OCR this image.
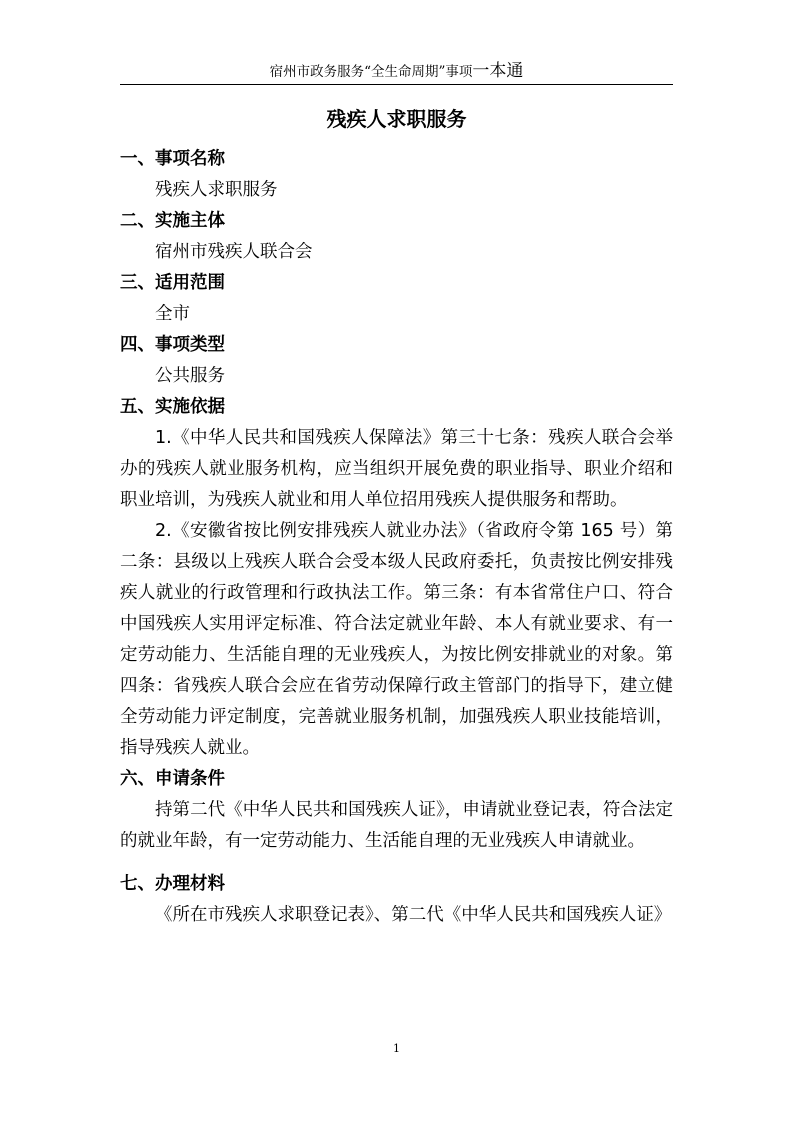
宿州市政务服务“全生命周期”事项一本通
残疾人求职服务
一、事项名称
残疾人求职服务
二、实施主体
宿州市残疾人联合会
三、适用范围
全市
四、事项类型
公共服务
五、实施依据
1.《中华人民共和国残疾人保障法》第三十七条：残疾人联合会举办的残疾人就业服务机构，应当组织开展免费的职业指导、职业介绍和职业培训，为残疾人就业和用人单位招用残疾人提供服务和帮助。
2.《安徽省按比例安排残疾人就业办法》（省政府令第 165 号）第二条：县级以上残疾人联合会受本级人民政府委托，负责按比例安排残疾人就业的行政管理和行政执法工作。第三条：有本省常住户口、符合中国残疾人实用评定标准、符合法定就业年龄、本人有就业要求、有一定劳动能力、生活能自理的无业残疾人，为按比例安排就业的对象。第四条：省残疾人联合会应在省劳动保障行政主管部门的指导下，建立健全劳动能力评定制度，完善就业服务机制，加强残疾人职业技能培训，指导残疾人就业。
六、申请条件
持第二代《中华人民共和国残疾人证》，申请就业登记表，符合法定的就业年龄，有一定劳动能力、生活能自理的无业残疾人申请就业。
七、办理材料
《所在市残疾人求职登记表》、第二代《中华人民共和国残疾人证》
1
